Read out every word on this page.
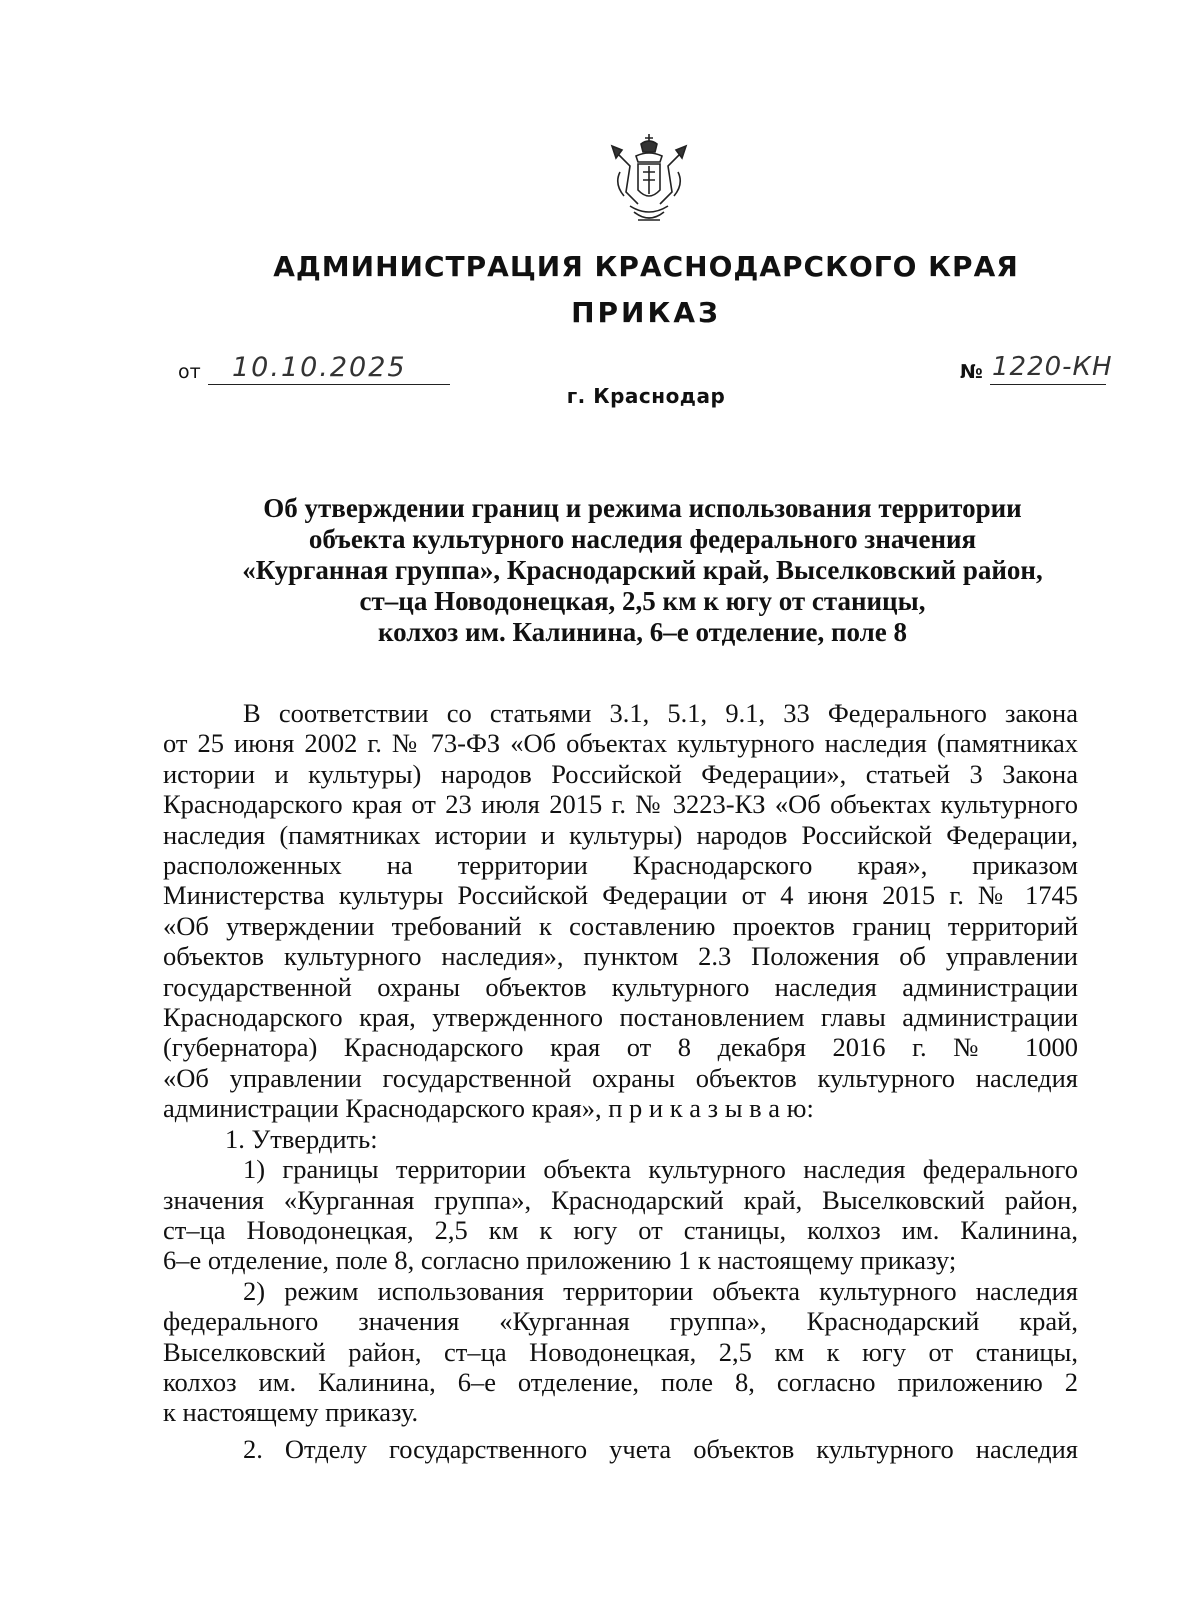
АДМИНИСТРАЦИЯ КРАСНОДАРСКОГО КРАЯ
ПРИКАЗ
от 10.10.2025	№ 1220-КН
г. Краснодар
Об утверждении границ и режима использования территории
объекта культурного наследия федерального значения
«Курганная группа», Краснодарский край, Выселковский район,
ст–ца Новодонецкая, 2,5 км к югу от станицы,
колхоз им. Калинина, 6–е отделение, поле 8
В соответствии со статьями 3.1, 5.1, 9.1, 33 Федерального закона
от 25 июня 2002 г. № 73-ФЗ «Об объектах культурного наследия (памятниках
истории и культуры) народов Российской Федерации», статьей 3 Закона
Краснодарского края от 23 июля 2015 г. № 3223-КЗ «Об объектах культурного
наследия (памятниках истории и культуры) народов Российской Федерации,
расположенных на территории Краснодарского края», приказом
Министерства культуры Российской Федерации от 4 июня 2015 г. № 1745
«Об утверждении требований к составлению проектов границ территорий
объектов культурного наследия», пунктом 2.3 Положения об управлении
государственной охраны объектов культурного наследия администрации
Краснодарского края, утвержденного постановлением главы администрации
(губернатора) Краснодарского края от 8 декабря 2016 г. № 1000
«Об управлении государственной охраны объектов культурного наследия
администрации Краснодарского края», п р и к а з ы в а ю:
1. Утвердить:
1) границы территории объекта культурного наследия федерального
значения «Курганная группа», Краснодарский край, Выселковский район,
ст–ца Новодонецкая, 2,5 км к югу от станицы, колхоз им. Калинина,
6–е отделение, поле 8, согласно приложению 1 к настоящему приказу;
2) режим использования территории объекта культурного наследия
федерального значения «Курганная группа», Краснодарский край,
Выселковский район, ст–ца Новодонецкая, 2,5 км к югу от станицы,
колхоз им. Калинина, 6–е отделение, поле 8, согласно приложению 2
к настоящему приказу.
2. Отделу государственного учета объектов культурного наследия
